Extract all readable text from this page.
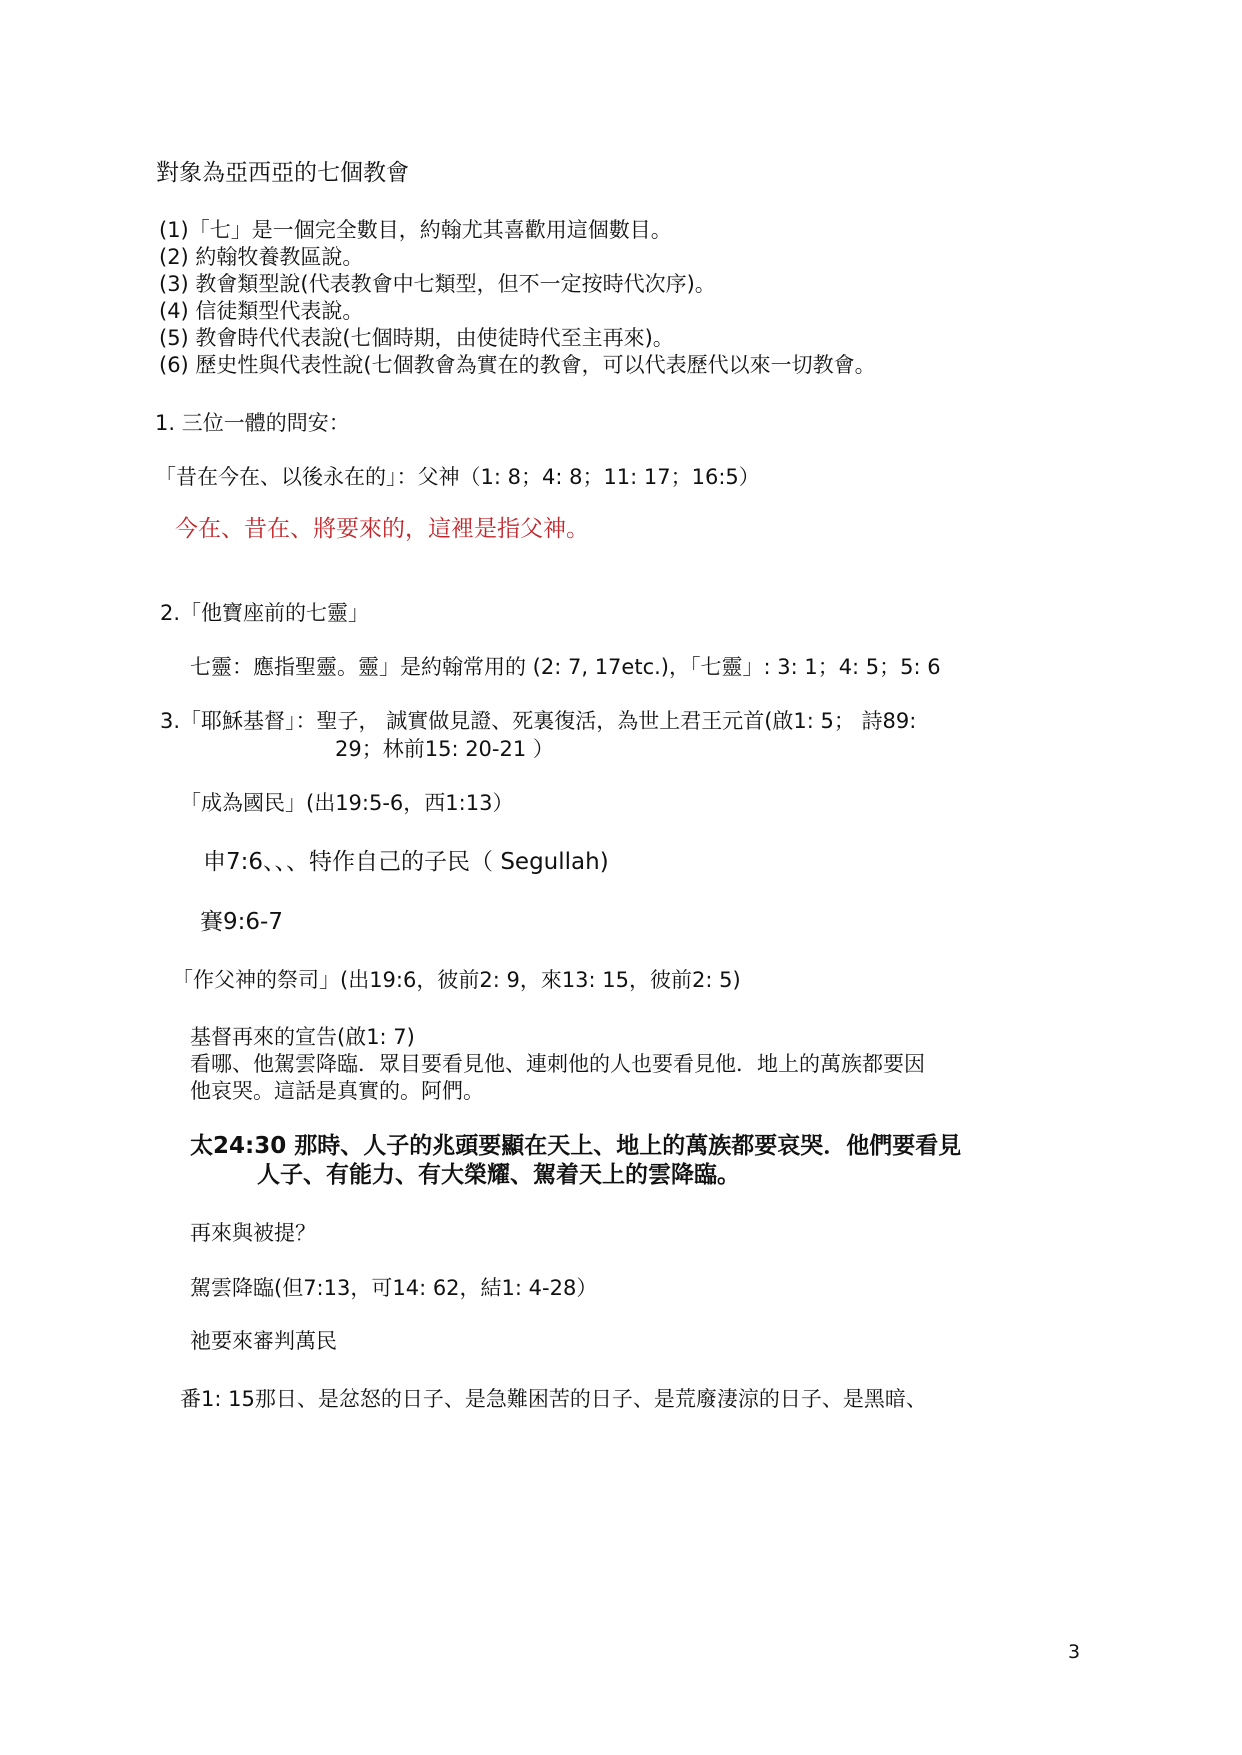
對象為亞西亞的七個教會
(1)「七」是一個完全數目，約翰尤其喜歡用這個數目。
(2) 約翰牧養教區說。
(3) 教會類型說(代表教會中七類型，但不一定按時代次序)。
(4) 信徒類型代表說。
(5) 教會時代代表說(七個時期，由使徒時代至主再來)。
(6) 歷史性與代表性說(七個教會為實在的教會，可以代表歷代以來一切教會。
1. 三位一體的問安：
「昔在今在、以後永在的」：父神（1: 8；4: 8；11: 17；16:5）
今在、昔在、將要來的，這裡是指父神。
2.「他寶座前的七靈」
七靈：應指聖靈。靈」是約翰常用的 (2: 7, 17etc.)，「七靈」: 3: 1；4: 5；5: 6
3.「耶穌基督」：聖子， 誠實做見證、死裏復活，為世上君王元首(啟1: 5； 詩89:
29；林前15: 20-21 ）
「成為國民」(出19:5-6，西1:13）
申7:6、、、特作自己的子民（ Segullah)
賽9:6-7
「作父神的祭司」(出19:6，彼前2: 9，來13: 15，彼前2: 5)
基督再來的宣告(啟1: 7)
看哪、他駕雲降臨．眾目要看見他、連刺他的人也要看見他．地上的萬族都要因
他哀哭。這話是真實的。阿們。
太24:30 那時、人子的兆頭要顯在天上、地上的萬族都要哀哭．他們要看見
人子、有能力、有大榮耀、駕着天上的雲降臨。
再來與被提？
駕雲降臨(但7:13，可14: 62，結1: 4-28）
祂要來審判萬民
番1: 15那日、是忿怒的日子、是急難困苦的日子、是荒廢淒涼的日子、是黑暗、
3
